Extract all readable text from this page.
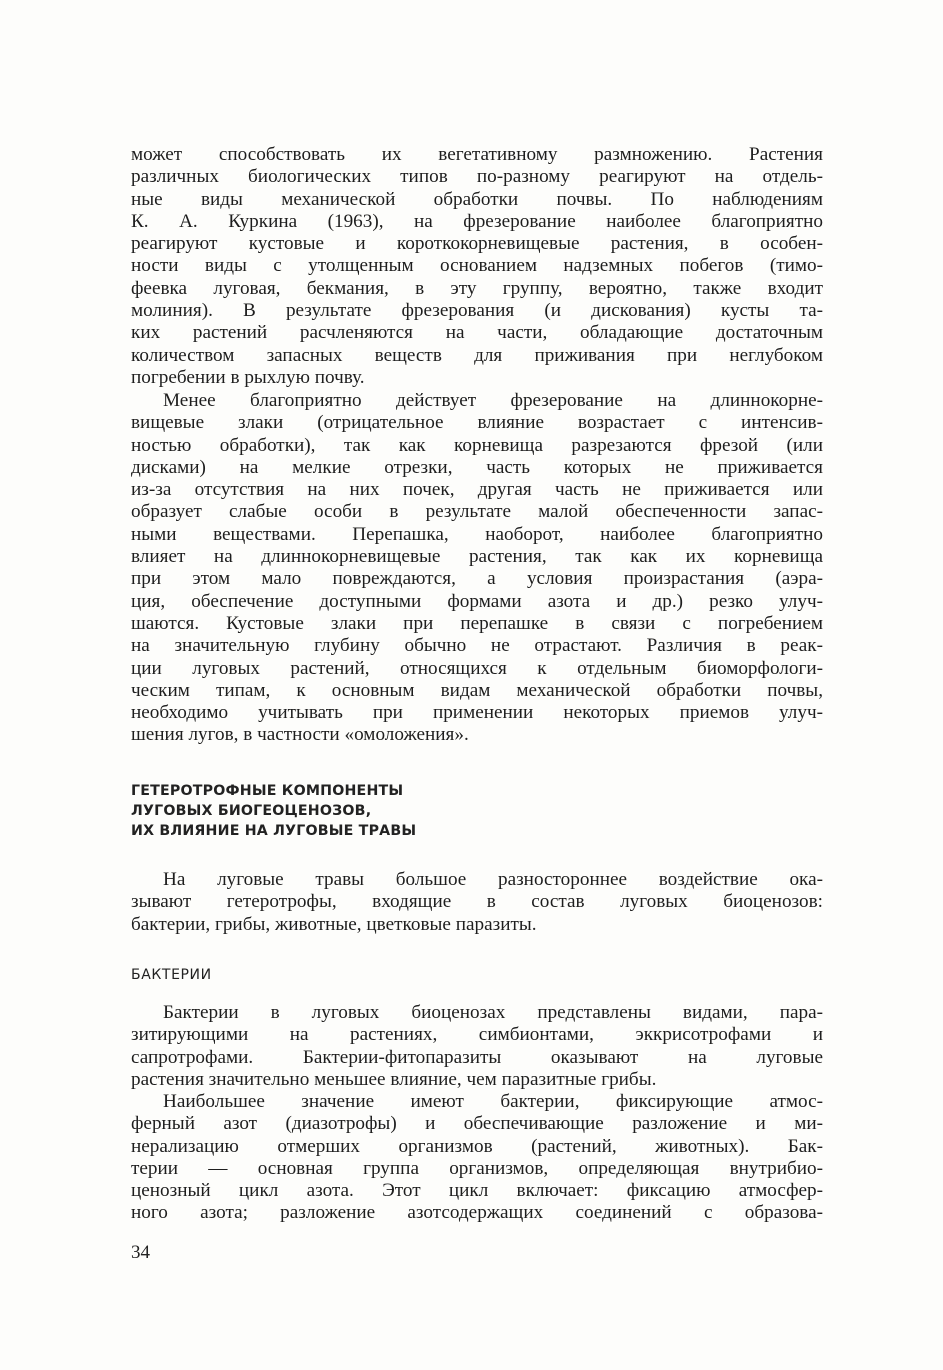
может способствовать их вегетативному размножению. Растения
различных биологических типов по-разному реагируют на отдель-
ные виды механической обработки почвы. По наблюдениям
К. А. Куркина (1963), на фрезерование наиболее благоприятно
реагируют кустовые и короткокорневищевые растения, в особен-
ности виды с утолщенным основанием надземных побегов (тимо-
феевка луговая, бекмания, в эту группу, вероятно, также входит
молиния). В результате фрезерования (и дискования) кусты та-
ких растений расчленяются на части, обладающие достаточным
количеством запасных веществ для приживания при неглубоком
погребении в рыхлую почву.
Менее благоприятно действует фрезерование на длиннокорне-
вищевые злаки (отрицательное влияние возрастает с интенсив-
ностью обработки), так как корневища разрезаются фрезой (или
дисками) на мелкие отрезки, часть которых не приживается
из-за отсутствия на них почек, другая часть не приживается или
образует слабые особи в результате малой обеспеченности запас-
ными веществами. Перепашка, наоборот, наиболее благоприятно
влияет на длиннокорневищевые растения, так как их корневища
при этом мало повреждаются, а условия произрастания (аэра-
ция, обеспечение доступными формами азота и др.) резко улуч-
шаются. Кустовые злаки при перепашке в связи с погребением
на значительную глубину обычно не отрастают. Различия в реак-
ции луговых растений, относящихся к отдельным биоморфологи-
ческим типам, к основным видам механической обработки почвы,
необходимо учитывать при применении некоторых приемов улуч-
шения лугов, в частности «омоложения».
ГЕТЕРОТРОФНЫЕ КОМПОНЕНТЫ
ЛУГОВЫХ БИОГЕОЦЕНОЗОВ,
ИХ ВЛИЯНИЕ НА ЛУГОВЫЕ ТРАВЫ
На луговые травы большое разностороннее воздействие ока-
зывают гетеротрофы, входящие в состав луговых биоценозов:
бактерии, грибы, животные, цветковые паразиты.
БАКТЕРИИ
Бактерии в луговых биоценозах представлены видами, пара-
зитирующими на растениях, симбионтами, эккрисотрофами и
сапротрофами. Бактерии-фитопаразиты оказывают на луговые
растения значительно меньшее влияние, чем паразитные грибы.
Наибольшее значение имеют бактерии, фиксирующие атмос-
ферный азот (диазотрофы) и обеспечивающие разложение и ми-
нерализацию отмерших организмов (растений, животных). Бак-
терии — основная группа организмов, определяющая внутрибио-
ценозный цикл азота. Этот цикл включает: фиксацию атмосфер-
ного азота; разложение азотсодержащих соединений с образова-
34
